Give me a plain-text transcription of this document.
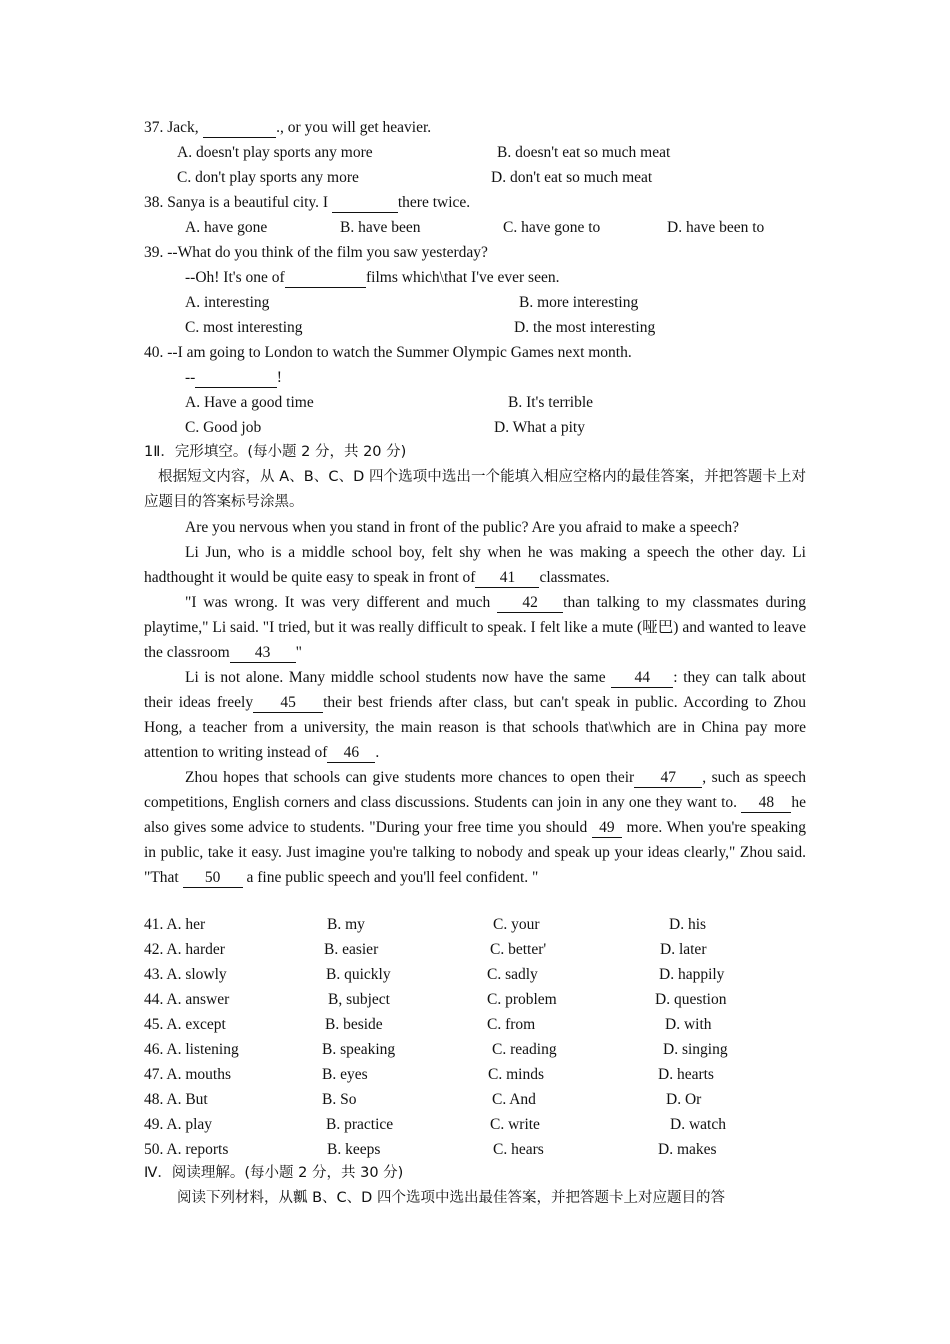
37. Jack,	., or you will get heavier.
A. doesn't play sports any more	B. doesn't eat so much meat
C. don't play sports any more	D. don't eat so much meat
38. Sanya is a beautiful city. I	there twice.
A. have gone	B. have been	C. have gone to	D. have been to
39. --What do you think of the film you saw yesterday?
--Oh! It's one of	films which\that I've ever seen.
A. interesting	B. more interesting
C. most interesting	D. the most interesting
40. --I am going to London to watch the Summer Olympic Games next month.
--	!
A. Have a good time	B. It's terrible
C. Good job	D. What a pity
1Ⅱ．完形填空。(每小题 2 分，共 20 分)
根据短文内容，从 A、B、C、D 四个选项中选出一个能填入相应空格内的最佳答案，并把答题卡上对应题目的答案标号涂黑。
Are you nervous when you stand in front of the public? Are you afraid to make a speech?
Li Jun, who is a middle school boy, felt shy when he was making a speech the other day. Li hadthought it would be quite easy to speak in front of 41 classmates.
"I was wrong. It was very different and much 42 than talking to my classmates during playtime," Li said. "I tried, but it was really difficult to speak. I felt like a mute (哑巴) and wanted to leave the classroom 43 "
Li is not alone. Many middle school students now have the same 44 : they can talk about their ideas freely 45 their best friends after class, but can't speak in public. According to Zhou Hong, a teacher from a university, the main reason is that schools that\which are in China pay more attention to writing instead of 46 .
Zhou hopes that schools can give students more chances to open their 47 , such as speech competitions, English corners and class discussions. Students can join in any one they want to. 48 he also gives some advice to students. "During your free time you should 49 more. When you're speaking in public, take it easy. Just imagine you're talking to nobody and speak up your ideas clearly," Zhou said. "That 50 a fine public speech and you'll feel confident. "
41. A. her	B. my	C. your	D. his
42. A. harder	B. easier	C. better'	D. later
43. A. slowly	B. quickly	C. sadly	D. happily
44. A. answer	B, subject	C. problem	D. question
45. A. except	B. beside	C. from	D. with
46. A. listening	B. speaking	C. reading	D. singing
47. A. mouths	B. eyes	C. minds	D. hearts
48. A. But	B. So	C. And	D. Or
49. A. play	B. practice	C. write	D. watch
50. A. reports	B. keeps	C. hears	D. makes
Ⅳ．阅读理解。(每小题 2 分，共 30 分)
阅读下列材料，从瓤 B、C、D 四个选项中选出最佳答案，并把答题卡上对应题目的答
